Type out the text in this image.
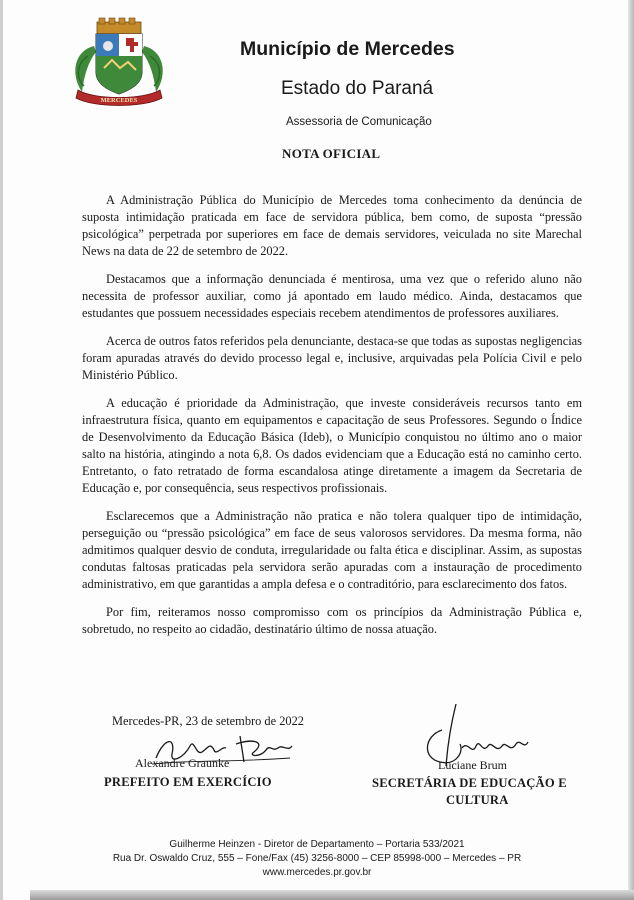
MERCEDES
Município de Mercedes
Estado do Paraná
Assessoria de Comunicação
NOTA OFICIAL

A Administração Pública do Município de Mercedes toma conhecimento da denúncia de suposta intimidação praticada em face de servidora pública, bem como, de suposta “pressão psicológica” perpetrada por superiores em face de demais servidores, veiculada no site Marechal News na data de 22 de setembro de 2022.

Destacamos que a informação denunciada é mentirosa, uma vez que o referido aluno não necessita de professor auxiliar, como já apontado em laudo médico. Ainda, destacamos que estudantes que possuem necessidades especiais recebem atendimentos de professores auxiliares.

Acerca de outros fatos referidos pela denunciante, destaca-se que todas as supostas negligencias foram apuradas através do devido processo legal e, inclusive, arquivadas pela Polícia Civil e pelo Ministério Público.

A educação é prioridade da Administração, que investe consideráveis recursos tanto em infraestrutura física, quanto em equipamentos e capacitação de seus Professores. Segundo o Índice de Desenvolvimento da Educação Básica (Ideb), o Município conquistou no último ano o maior salto na história, atingindo a nota 6,8. Os dados evidenciam que a Educação está no caminho certo. Entretanto, o fato retratado de forma escandalosa atinge diretamente a imagem da Secretaria de Educação e, por consequência, seus respectivos profissionais.

Esclarecemos que a Administração não pratica e não tolera qualquer tipo de intimidação, perseguição ou “pressão psicológica” em face de seus valorosos servidores. Da mesma forma, não admitimos qualquer desvio de conduta, irregularidade ou falta ética e disciplinar. Assim, as supostas condutas faltosas praticadas pela servidora serão apuradas com a instauração de procedimento administrativo, em que garantidas a ampla defesa e o contraditório, para esclarecimento dos fatos.

Por fim, reiteramos nosso compromisso com os princípios da Administração Pública e, sobretudo, no respeito ao cidadão, destinatário último de nossa atuação.

Mercedes-PR, 23 de setembro de 2022
Alexandre Graunke
PREFEITO EM EXERCÍCIO
Luciane Brum
SECRETÁRIA DE EDUCAÇÃO E
CULTURA
Guilherme Heinzen - Diretor de Departamento – Portaria 533/2021
Rua Dr. Oswaldo Cruz, 555 – Fone/Fax (45) 3256-8000 – CEP 85998-000 – Mercedes – PR
www.mercedes.pr.gov.br
